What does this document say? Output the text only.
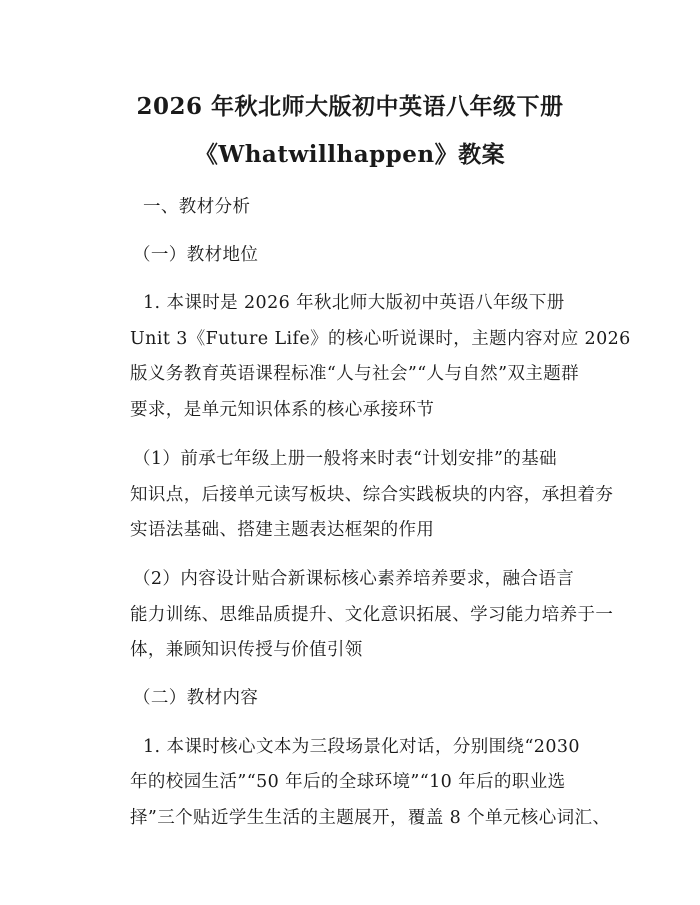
2026 年秋北师大版初中英语八年级下册
《Whatwillhappen》教案
一、教材分析
（一）教材地位
1. 本课时是 2026 年秋北师大版初中英语八年级下册
Unit 3《Future Life》的核心听说课时，主题内容对应 2026
版义务教育英语课程标准“人与社会”“人与自然”双主题群
要求，是单元知识体系的核心承接环节
（1）前承七年级上册一般将来时表“计划安排”的基础
知识点，后接单元读写板块、综合实践板块的内容，承担着夯
实语法基础、搭建主题表达框架的作用
（2）内容设计贴合新课标核心素养培养要求，融合语言
能力训练、思维品质提升、文化意识拓展、学习能力培养于一
体，兼顾知识传授与价值引领
（二）教材内容
1. 本课时核心文本为三段场景化对话，分别围绕“2030
年的校园生活”“50 年后的全球环境”“10 年后的职业选
择”三个贴近学生生活的主题展开，覆盖 8 个单元核心词汇、
